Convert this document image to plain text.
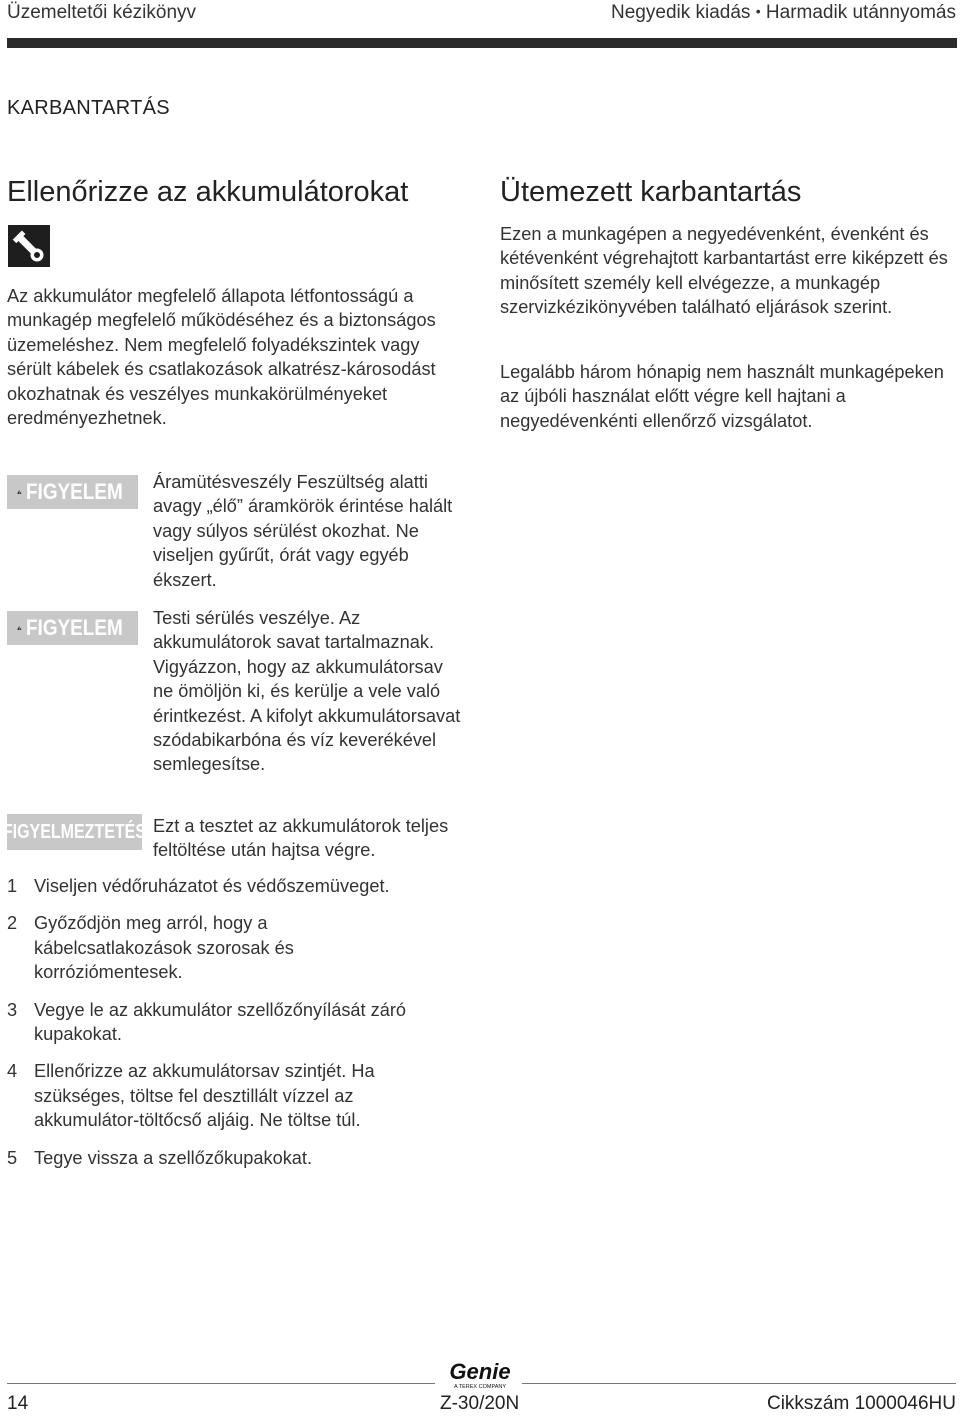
Üzemeltetői kézikönyv	Negyedik kiadás • Harmadik utánnyomás
KARBANTARTÁS
Ellenőrizze az akkumulátorokat

Az akkumulátor megfelelő állapota létfontosságú a munkagép megfelelő működéséhez és a biztonságos üzemeléshez. Nem megfelelő folyadékszintek vagy sérült kábelek és csatlakozások alkatrész-károsodást okozhatnak és veszélyes munkakörülményeket eredményezhetnek.

FIGYELEM Áramütésveszély Feszültség alatti avagy „élő” áramkörök érintése halált vagy súlyos sérülést okozhat. Ne viseljen gyűrűt, órát vagy egyéb ékszert.

FIGYELEM Testi sérülés veszélye. Az akkumulátorok savat tartalmaznak. Vigyázzon, hogy az akkumulátorsav ne ömöljön ki, és kerülje a vele való érintkezést. A kifolyt akkumulátorsavat szódabikarbóna és víz keverékével semlegesítse.

FIGYELMEZTETÉS Ezt a tesztet az akkumulátorok teljes feltöltése után hajtsa végre.

1 Viseljen védőruházatot és védőszemüveget.
2 Győződjön meg arról, hogy a kábelcsatlakozások szorosak és korróziómentesek.
3 Vegye le az akkumulátor szellőzőnyílását záró kupakokat.
4 Ellenőrizze az akkumulátorsav szintjét. Ha szükséges, töltse fel desztillált vízzel az akkumulátor-töltőcső aljáig. Ne töltse túl.
5 Tegye vissza a szellőzőkupakokat.
Ütemezett karbantartás

Ezen a munkagépen a negyedévenként, évenként és kétévenként végrehajtott karbantartást erre kiképzett és minősített személy kell elvégezze, a munkagép szervizkézikönyvében található eljárások szerint.

Legalább három hónapig nem használt munkagépeken az újbóli használat előtt végre kell hajtani a negyedévenkénti ellenőrző vizsgálatot.

Genie
A TEREX COMPANY
14	Z-30/20N	Cikkszám 1000046HU
